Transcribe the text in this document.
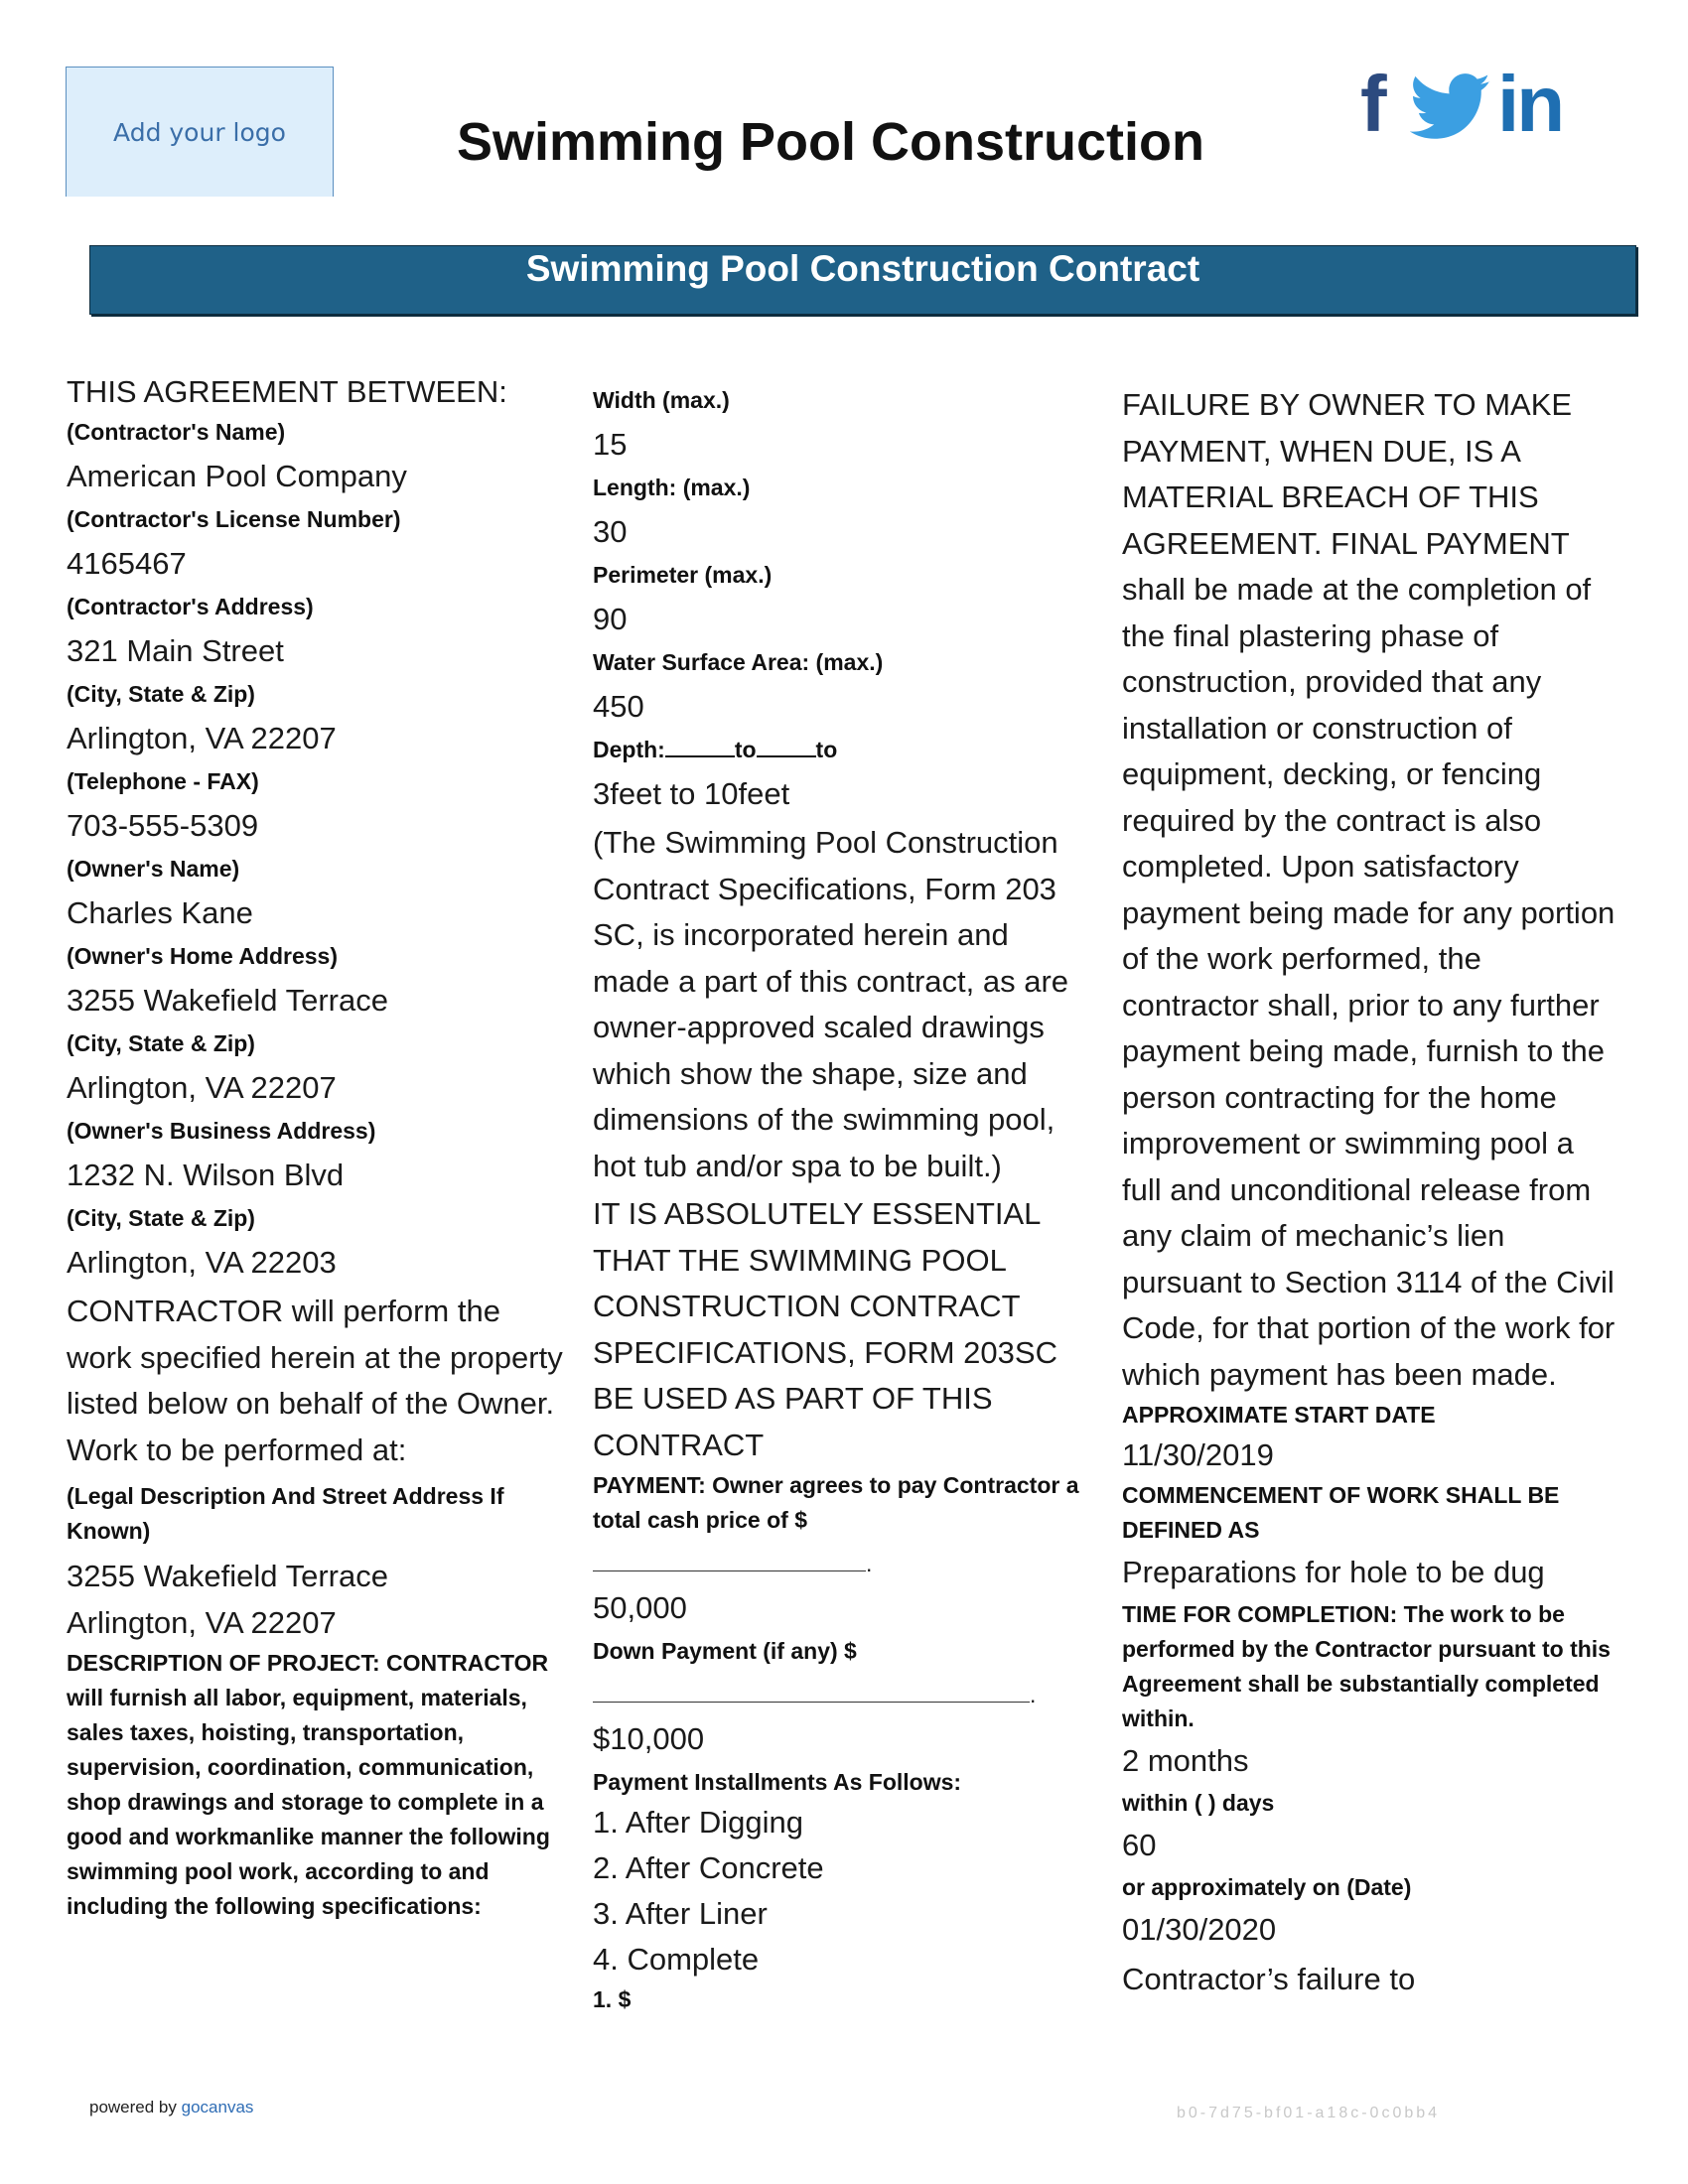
Add your logo	Swimming Pool Construction f in
Swimming Pool Construction Contract
THIS AGREEMENT BETWEEN:
(Contractor's Name)
American Pool Company
(Contractor's License Number)
4165467
(Contractor's Address)
321 Main Street
(City, State & Zip)
Arlington, VA 22207
(Telephone - FAX)
703-555-5309
(Owner's Name)
Charles Kane
(Owner's Home Address)
3255 Wakefield Terrace
(City, State & Zip)
Arlington, VA 22207
(Owner's Business Address)
1232 N. Wilson Blvd
(City, State & Zip)
Arlington, VA 22203
CONTRACTOR will perform the work specified herein at the property listed below on behalf of the Owner. Work to be performed at:
(Legal Description And Street Address If Known)
3255 Wakefield Terrace
Arlington, VA 22207
DESCRIPTION OF PROJECT: CONTRACTOR will furnish all labor, equipment, materials, sales taxes, hoisting, transportation, supervision, coordination, communication, shop drawings and storage to complete in a good and workmanlike manner the following swimming pool work, according to and including the following specifications:
Width (max.)
15
Length: (max.)
30
Perimeter (max.)
90
Water Surface Area: (max.)
450
Depth:	to	to
3feet to 10feet
(The Swimming Pool Construction Contract Specifications, Form 203 SC, is incorporated herein and made a part of this contract, as are owner-approved scaled drawings which show the shape, size and dimensions of the swimming pool, hot tub and/or spa to be built.)
IT IS ABSOLUTELY ESSENTIAL THAT THE SWIMMING POOL CONSTRUCTION CONTRACT SPECIFICATIONS, FORM 203SC BE USED AS PART OF THIS CONTRACT
PAYMENT: Owner agrees to pay Contractor a total cash price of $
.
50,000
Down Payment (if any) $
.
$10,000
Payment Installments As Follows:
1. After Digging
2. After Concrete
3. After Liner
4. Complete
1. $
FAILURE BY OWNER TO MAKE PAYMENT, WHEN DUE, IS A MATERIAL BREACH OF THIS AGREEMENT. FINAL PAYMENT shall be made at the completion of the final plastering phase of construction, provided that any installation or construction of equipment, decking, or fencing required by the contract is also completed. Upon satisfactory payment being made for any portion of the work performed, the contractor shall, prior to any further payment being made, furnish to the person contracting for the home improvement or swimming pool a full and unconditional release from any claim of mechanic’s lien pursuant to Section 3114 of the Civil Code, for that portion of the work for which payment has been made.
APPROXIMATE START DATE
11/30/2019
COMMENCEMENT OF WORK SHALL BE DEFINED AS
Preparations for hole to be dug
TIME FOR COMPLETION: The work to be performed by the Contractor pursuant to this Agreement shall be substantially completed within.
2 months
within ( ) days
60
or approximately on (Date)
01/30/2020
Contractor’s failure to
powered by gocanvas	b0-7d75-bf01-a18c-0c0bb4
